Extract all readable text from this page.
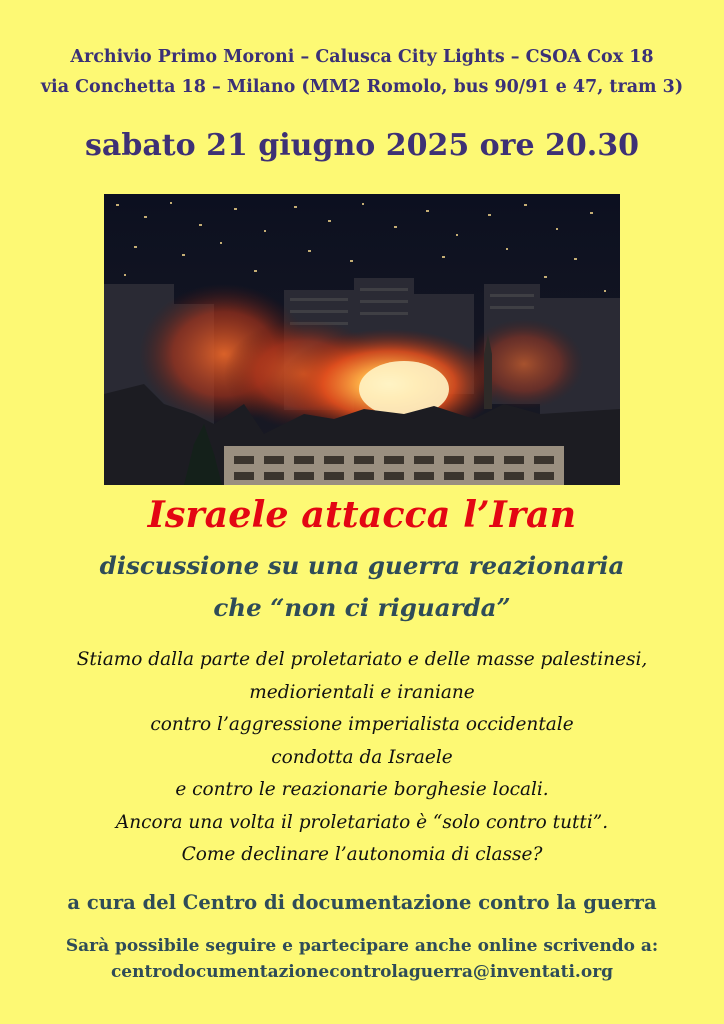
Archivio Primo Moroni – Calusca City Lights – CSOA Cox 18
via Conchetta 18 – Milano (MM2 Romolo, bus 90/91 e 47, tram 3)
sabato 21 giugno 2025 ore 20.30
Israele attacca l’Iran
discussione su una guerra reazionaria
che “non ci riguarda”
Stiamo dalla parte del proletariato e delle masse palestinesi,
mediorientali e iraniane
contro l’aggressione imperialista occidentale
condotta da Israele
e contro le reazionarie borghesie locali.
Ancora una volta il proletariato è “solo contro tutti”.
Come declinare l’autonomia di classe?
a cura del Centro di documentazione contro la guerra
Sarà possibile seguire e partecipare anche online scrivendo a:
centrodocumentazionecontrolaguerra@inventati.org
